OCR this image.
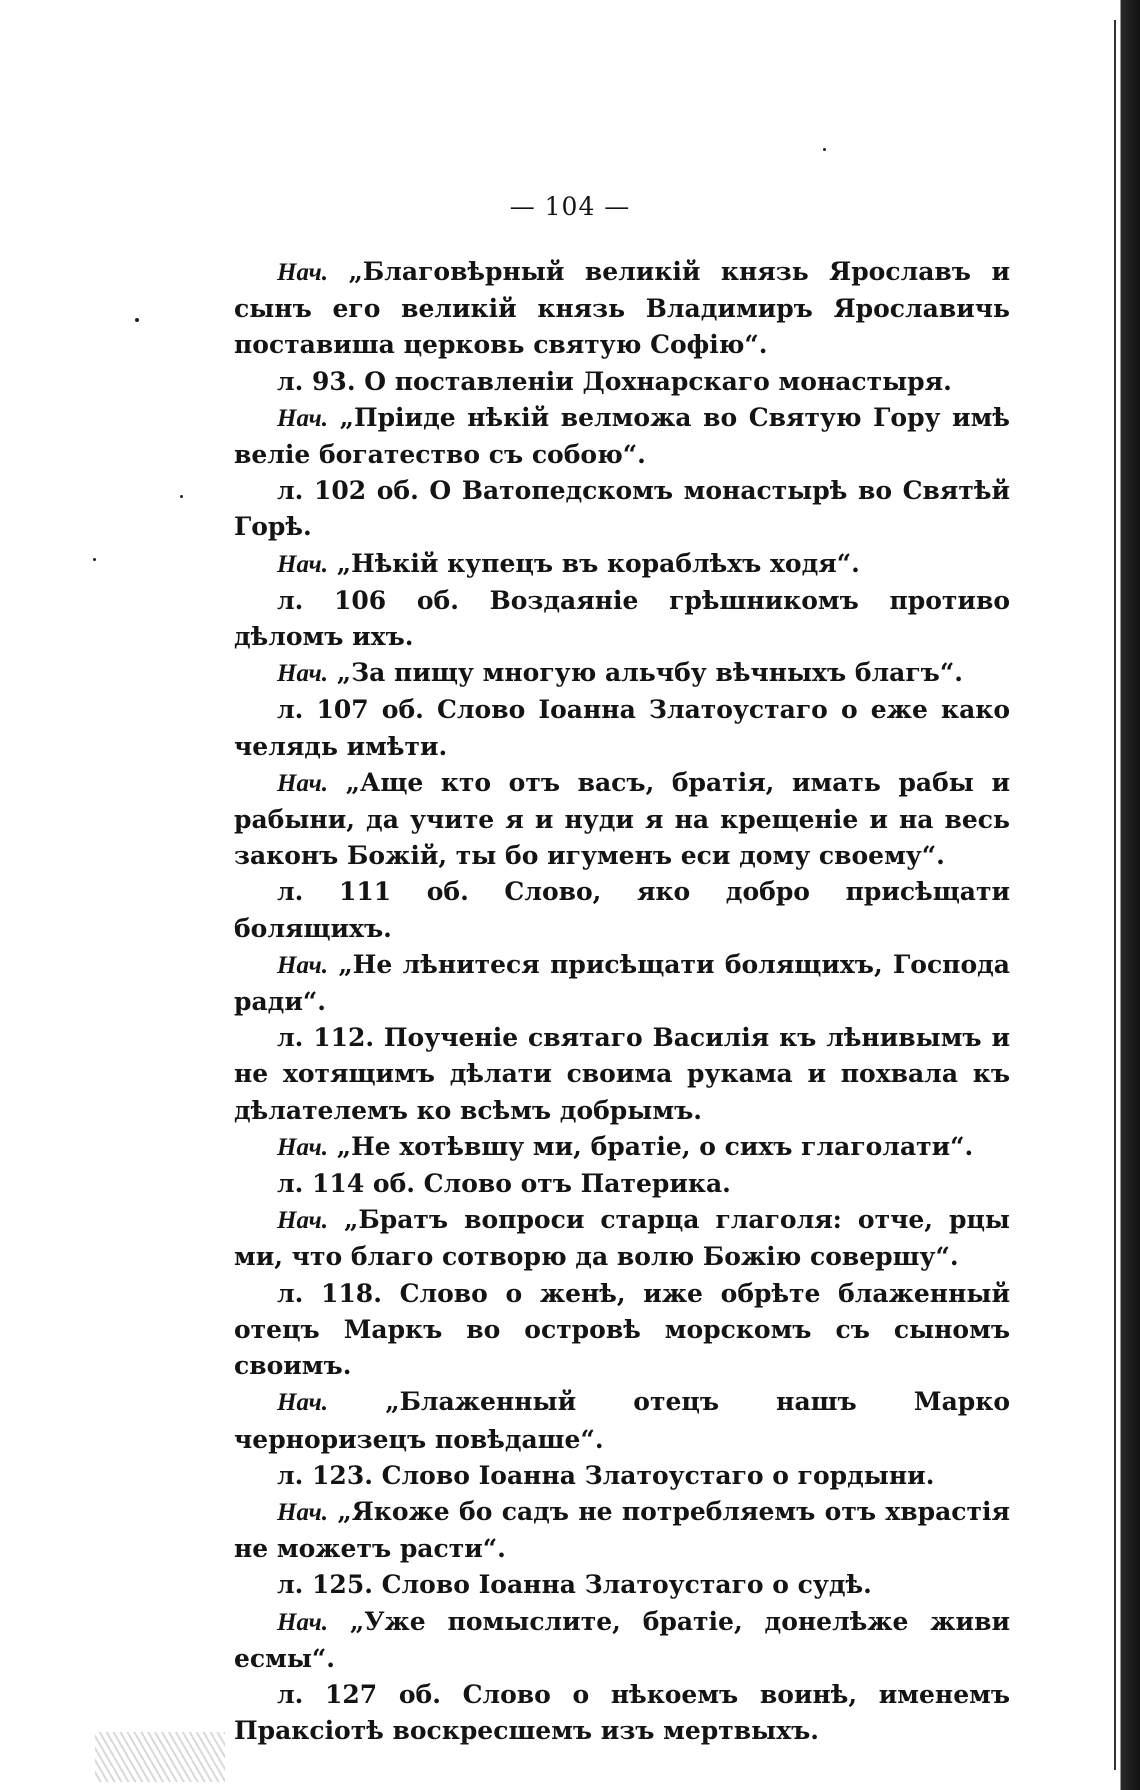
— 104 —

Нач. „Благовѣрный великій князь Ярославъ и сынъ его великій князь Владимиръ Ярославичь поставиша церковь святую Софію“.

л. 93. О поставленіи Дохнарскаго монастыря.

Нач. „Пріиде нѣкій велможа во Святую Гору имѣ веліе богатество съ собою“.

л. 102 об. О Ватопедскомъ монастырѣ во Святѣй Горѣ.

Нач. „Нѣкій купецъ въ кораблѣхъ ходя“.

л. 106 об. Воздаяніе грѣшникомъ противо дѣломъ ихъ.

Нач. „За пищу многую альчбу вѣчныхъ благъ“.

л. 107 об. Слово Іоанна Златоустаго о еже како челядь имѣти.

Нач. „Аще кто отъ васъ, братія, имать рабы и рабыни, да учите я и нуди я на крещеніе и на весь законъ Божій, ты бо игуменъ еси дому своему“.

л. 111 об. Слово, яко добро присѣщати болящихъ.

Нач. „Не лѣнитеся присѣщати болящихъ, Господа ради“.

л. 112. Поученіе святаго Василія къ лѣнивымъ и не хотящимъ дѣлати своима рукама и похвала къ дѣлателемъ ко всѣмъ добрымъ.

Нач. „Не хотѣвшу ми, братіе, о сихъ глаголати“.

л. 114 об. Слово отъ Патерика.

Нач. „Братъ вопроси старца глаголя: отче, рцы ми, что благо сотворю да волю Божію совершу“.

л. 118. Слово о женѣ, иже обрѣте блаженный отецъ Маркъ во островѣ морскомъ съ сыномъ своимъ.

Нач. „Блаженный отецъ нашъ Марко черноризецъ повѣдаше“.

л. 123. Слово Іоанна Златоустаго о гордыни.

Нач. „Якоже бо садъ не потребляемъ отъ хврастія не можетъ расти“.

л. 125. Слово Іоанна Златоустаго о судѣ.

Нач. „Уже помыслите, братіе, донелѣже живи есмы“.

л. 127 об. Слово о нѣкоемъ воинѣ, именемъ Праксіотѣ воскресшемъ изъ мертвыхъ.
